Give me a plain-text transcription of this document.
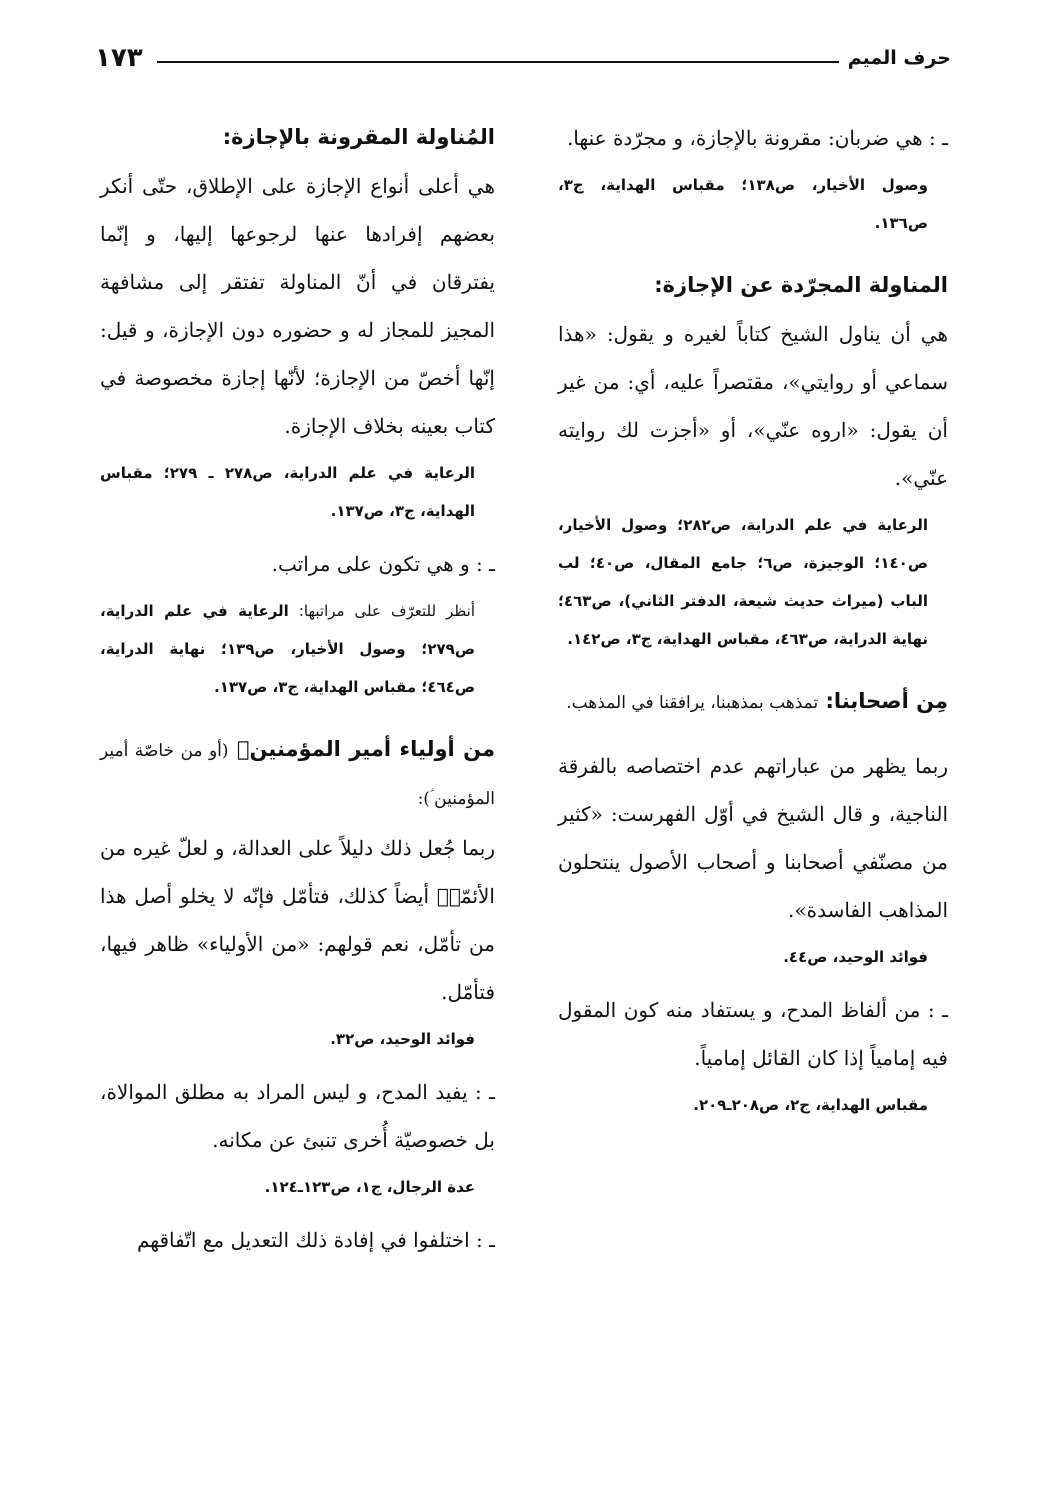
١٧٣	حرف الميم

ـ : هي ضربان: مقرونة بالإجازة، و مجرّدة عنها.

وصول الأخيار، ص١٣٨؛ مقباس الهداية، ج٣، ص١٣٦.

المناولة المجرّدة عن الإجازة:

هي أن يناول الشيخ كتاباً لغيره و يقول: «هذا سماعي أو روايتي»، مقتصراً عليه، أي: من غير أن يقول: «اروه عنّي»، أو «أجزت لك روايته عنّي».

الرعاية في علم الدراية، ص٢٨٢؛ وصول الأخيار، ص١٤٠؛ الوجيزة، ص٦؛ جامع المقال، ص٤٠؛ لب الباب (ميراث حديث شيعة، الدفتر الثاني)، ص٤٦٣؛ نهاية الدراية، ص٤٦٣، مقباس الهداية، ج٣، ص١٤٢.

مِن أصحابنا: تمذهب بمذهبنا، يرافقنا في المذهب.

ربما يظهر من عباراتهم عدم اختصاصه بالفرقة الناجية، و قال الشيخ في أوّل الفهرست: «كثير من مصنّفي أصحابنا و أصحاب الأصول ينتحلون المذاهب الفاسدة».

فوائد الوحيد، ص٤٤.

ـ : من ألفاظ المدح، و يستفاد منه كون المقول فيه إمامياً إذا كان القائل إمامياً.

مقباس الهداية، ج٢، ص٢٠٨ـ٢٠٩.

المُناولة المقرونة بالإجازة:

هي أعلى أنواع الإجازة على الإطلاق، حتّى أنكر بعضهم إفرادها عنها لرجوعها إليها، و إنّما يفترقان في أنّ المناولة تفتقر إلى مشافهة المجيز للمجاز له و حضوره دون الإجازة، و قيل: إنّها أخصّ من الإجازة؛ لأنّها إجازة مخصوصة في كتاب بعينه بخلاف الإجازة.

الرعاية في علم الدراية، ص٢٧٨ ـ ٢٧٩؛ مقباس الهداية، ج٣، ص١٣٧.

ـ : و هي تكون على مراتب.

أنظر للتعرّف على مراتبها: الرعاية في علم الدراية، ص٢٧٩؛ وصول الأخيار، ص١٣٩؛ نهاية الدراية، ص٤٦٤؛ مقباس الهداية، ج٣، ص١٣٧.

من أولياء أمير المؤمنينؑ (أو من خاصّة أمير المؤمنين ؑ):

ربما جُعل ذلك دليلاً على العدالة، و لعلّ غيره من الأئمّةؑ أيضاً كذلك، فتأمّل فإنّه لا يخلو أصل هذا من تأمّل، نعم قولهم: «من الأولياء» ظاهر فيها، فتأمّل.

فوائد الوحيد، ص٣٢.

ـ : يفيد المدح، و ليس المراد به مطلق الموالاة، بل خصوصيّة أُخرى تنبئ عن مكانه.

عدة الرجال، ج١، ص١٢٣ـ١٢٤.

ـ : اختلفوا في إفادة ذلك التعديل مع اتّفاقهم
